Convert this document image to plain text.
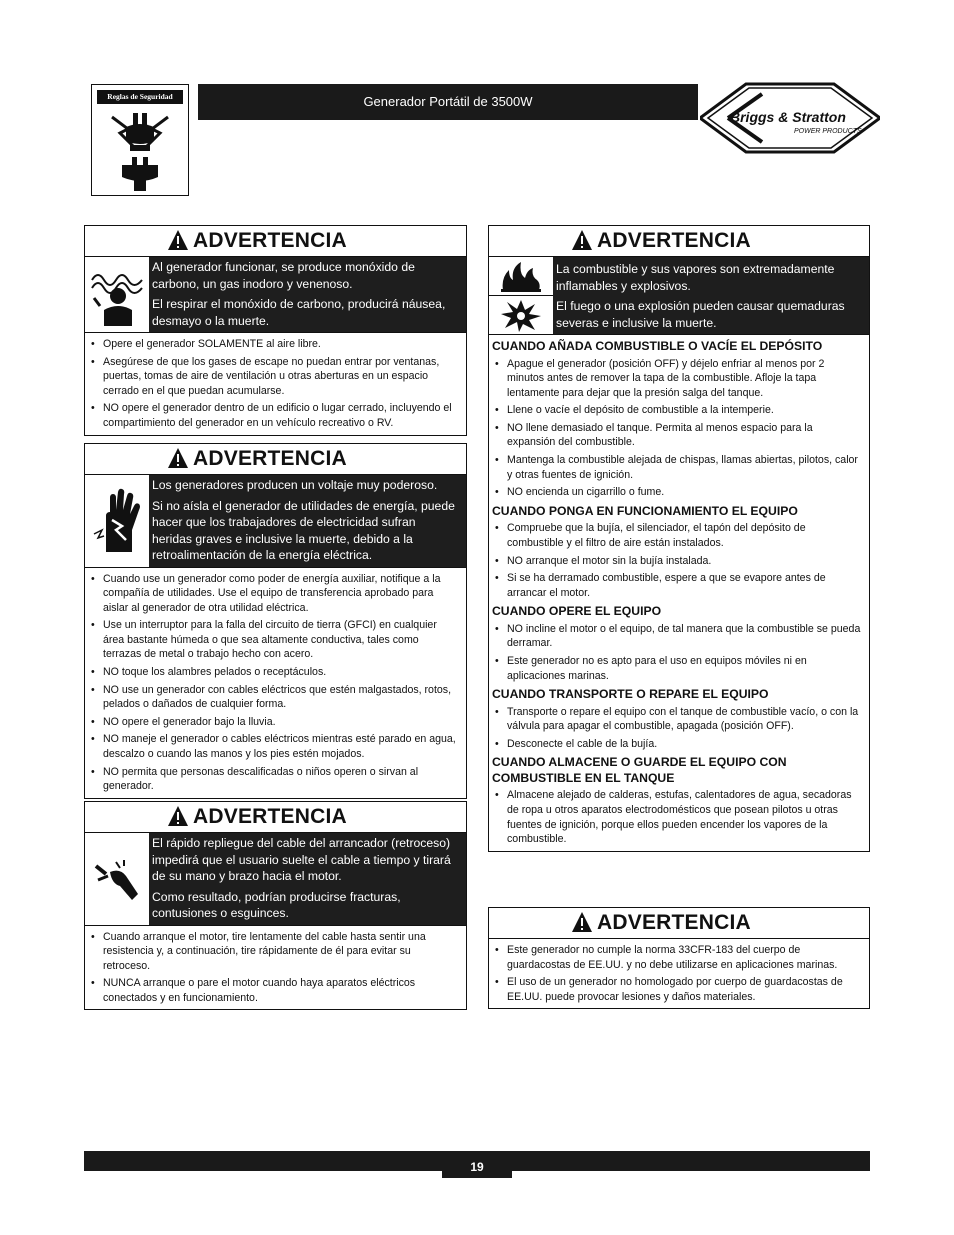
Reglas de Seguridad	Generador Portátil de 3500W
Briggs & Stratton
POWER PRODUCTS
ADVERTENCIA

Al generador funcionar, se produce monóxido de carbono, un gas inodoro y venenoso.

El respirar el monóxido de carbono, producirá náusea, desmayo o la muerte.

• Opere el generador SOLAMENTE al aire libre.
• Asegúrese de que los gases de escape no puedan entrar por ventanas, puertas, tomas de aire de ventilación u otras aberturas en un espacio cerrado en el que puedan acumularse.
• NO opere el generador dentro de un edificio o lugar cerrado, incluyendo el compartimiento del generador en un vehículo recreativo o RV.
ADVERTENCIA

Los generadores producen un voltaje muy poderoso.

Si no aísla el generador de utilidades de energía, puede hacer que los trabajadores de electricidad sufran heridas graves e inclusive la muerte, debido a la retroalimentación de la energía eléctrica.

• Cuando use un generador como poder de energía auxiliar, notifique a la compañía de utilidades. Use el equipo de transferencia aprobado para aislar al generador de otra utilidad eléctrica.
• Use un interruptor para la falla del circuito de tierra (GFCI) en cualquier área bastante húmeda o que sea altamente conductiva, tales como terrazas de metal o trabajo hecho con acero.
• NO toque los alambres pelados o receptáculos.
• NO use un generador con cables eléctricos que estén malgastados, rotos, pelados o dañados de cualquier forma.
• NO opere el generador bajo la lluvia.
• NO maneje el generador o cables eléctricos mientras esté parado en agua, descalzo o cuando las manos y los pies estén mojados.
• NO permita que personas descalificadas o niños operen o sirvan al generador.
ADVERTENCIA

El rápido repliegue del cable del arrancador (retroceso) impedirá que el usuario suelte el cable a tiempo y tirará de su mano y brazo hacia el motor.

Como resultado, podrían producirse fracturas, contusiones o esguinces.

• Cuando arranque el motor, tire lentamente del cable hasta sentir una resistencia y, a continuación, tire rápidamente de él para evitar su retroceso.
• NUNCA arranque o pare el motor cuando haya aparatos eléctricos conectados y en funcionamiento.
ADVERTENCIA

La combustible y sus vapores son extremadamente inflamables y explosivos.

El fuego o una explosión pueden causar quemaduras severas e inclusive la muerte.

CUANDO AÑADA COMBUSTIBLE O VACÍE EL DEPÓSITO
• Apague el generador (posición OFF) y déjelo enfriar al menos por 2 minutos antes de remover la tapa de la combustible. Afloje la tapa lentamente para dejar que la presión salga del tanque.
• Llene o vacíe el depósito de combustible a la intemperie.
• NO llene demasiado el tanque. Permita al menos espacio para la expansión del combustible.
• Mantenga la combustible alejada de chispas, llamas abiertas, pilotos, calor y otras fuentes de ignición.
• NO encienda un cigarrillo o fume.
CUANDO PONGA EN FUNCIONAMIENTO EL EQUIPO
• Compruebe que la bujía, el silenciador, el tapón del depósito de combustible y el filtro de aire están instalados.
• NO arranque el motor sin la bujía instalada.
• Si se ha derramado combustible, espere a que se evapore antes de arrancar el motor.
CUANDO OPERE EL EQUIPO
• NO incline el motor o el equipo, de tal manera que la combustible se pueda derramar.
• Este generador no es apto para el uso en equipos móviles ni en aplicaciones marinas.
CUANDO TRANSPORTE O REPARE EL EQUIPO
• Transporte o repare el equipo con el tanque de combustible vacío, o con la válvula para apagar el combustible, apagada (posición OFF).
• Desconecte el cable de la bujía.
CUANDO ALMACENE O GUARDE EL EQUIPO CON COMBUSTIBLE EN EL TANQUE
• Almacene alejado de calderas, estufas, calentadores de agua, secadoras de ropa u otros aparatos electrodomésticos que posean pilotos u otras fuentes de ignición, porque ellos pueden encender los vapores de la combustible.
ADVERTENCIA
• Este generador no cumple la norma 33CFR-183 del cuerpo de guardacostas de EE.UU. y no debe utilizarse en aplicaciones marinas.
• El uso de un generador no homologado por cuerpo de guardacostas de EE.UU. puede provocar lesiones y daños materiales.
19
